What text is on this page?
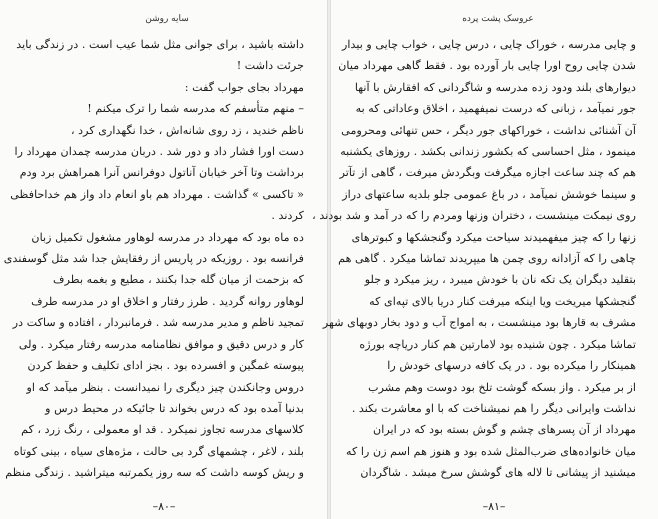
سایه روشن
داشته باشید ، برای جوانی مثل شما عیب است . در زندگی باید
جرئت داشت !
مهرداد بجای جواب گفت :
– منهم متأسفم که مدرسه شما را ترک میکنم !
ناظم خندید ، زد روی شانه‌اش ، خدا نگهداری کرد ،
دست اورا فشار داد و دور شد . دربان مدرسه چمدان مهرداد را
برداشت وتا آخر خیابان آناتول دوفرانس آنرا همراهش برد ودم
« تاکسی » گذاشت . مهرداد هم باو انعام داد واز هم خداحافظی
کردند .
ده ماه بود که مهرداد در مدرسه لوهاور مشغول تکمیل زبان
فرانسه بود . روزیکه در پاریس از رفقایش جدا شد مثل گوسفندی
که بزحمت از میان گله جدا بکنند ، مطیع و بغمه بطرف
لوهاور روانه گردید . طرز رفتار و اخلاق او در مدرسه طرف
تمجید ناظم و مدیر مدرسه شد . فرمانبردار ، افتاده و ساکت در
کار و درس دقیق و موافق نظامنامه مدرسه رفتار میکرد . ولی
پیوسته غمگین و افسرده بود . بجز ادای تکلیف و حفظ کردن
دروس وجانکندن چیز دیگری را نمیدانست . بنظر میآمد که او
بدنیا آمده بود که درس بخواند تا جائیکه در محیط درس و
کلاسهای مدرسه تجاوز نمیکرد . قد او معمولی ، رنگ زرد ، کم
بلند ، لاغر ، چشمهای گرد بی حالت ، مژه‌های سیاه ، بینی کوتاه
و ریش کوسه داشت که سه روز یکمرتبه میتراشید . زندگی منظم
–۸۰–
عروسک پشت پرده
و چایی مدرسه ، خوراک چایی ، درس چایی ، خواب چایی و بیدار
شدن چایی روح اورا چایی بار آورده بود . فقط گاهی مهرداد میان
دیوارهای بلند ودود زده مدرسه و شاگردانی که افقارش با آنها
جور نمیآمد ، زبانی که درست نمیفهمید ، اخلاق وعاداتی که به
آن آشنائی نداشت ، خوراکهای جور دیگر ، حس تنهائی ومحرومی
مینمود ، مثل احساسی که بکشور زندانی بکشد . روزهای یکشنبه
هم که چند ساعت اجازه میگرفت وبگردش میرفت ، گاهی از تآتر
و سینما خوشش نمیآمد ، در باغ عمومی جلو بلدیه ساعتهای دراز
روی نیمکت مینشست ، دختران وزنها ومردم را که در آمد و شد بودند ،
زنها را که چیز میفهمیدند سیاحت میکرد وگنجشکها و کبوترهای
چاهی را که آزادانه روی چمن ها میپریدند تماشا میکرد . گاهی هم
بتقلید دیگران یک تکه نان با خودش میبرد ، ریز میکرد و جلو
گنجشکها میریخت ویا اینکه میرفت کنار دریا بالای تپه‌ای که
مشرف به قارها بود مینشست ، به امواج آب و دود بخار دوبهای شهر
تماشا میکرد . چون شنیده بود لامارتین هم کنار دریاچه بورژه
همینکار را میکرده بود . در یک کافه درسهای خودش را
از بر میکرد . واز بسکه گوشت تلخ بود دوست وهم مشرب
نداشت وایرانی دیگر را هم نمیشناخت که با او معاشرت بکند .
مهرداد از آن پسرهای چشم و گوش بسته بود که در ایران
میان خانواده‌های ضرب‌المثل شده بود و هنوز هم اسم زن را که
میشنید از پیشانی تا لاله های گوشش سرخ میشد . شاگردان
–۸۱–
